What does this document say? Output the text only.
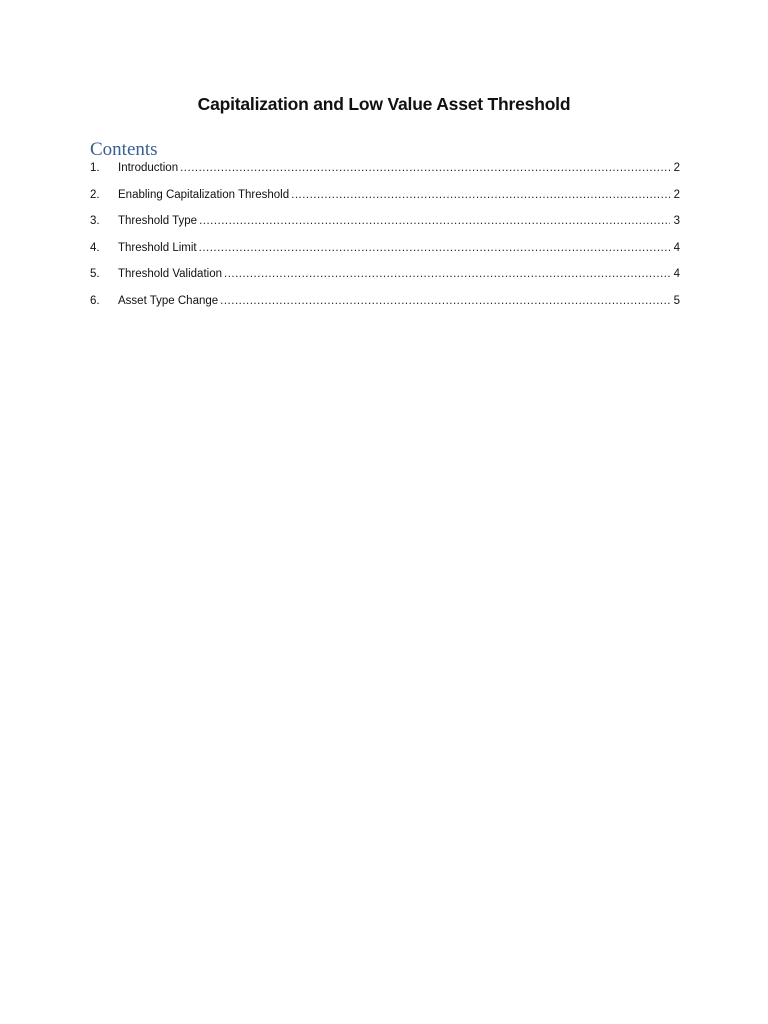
Capitalization and Low Value Asset Threshold
Contents
1.	Introduction .....	2
2.	Enabling Capitalization Threshold .....	2
3.	Threshold Type .....	3
4.	Threshold Limit .....	4
5.	Threshold Validation .....	4
6.	Asset Type Change .....	5
